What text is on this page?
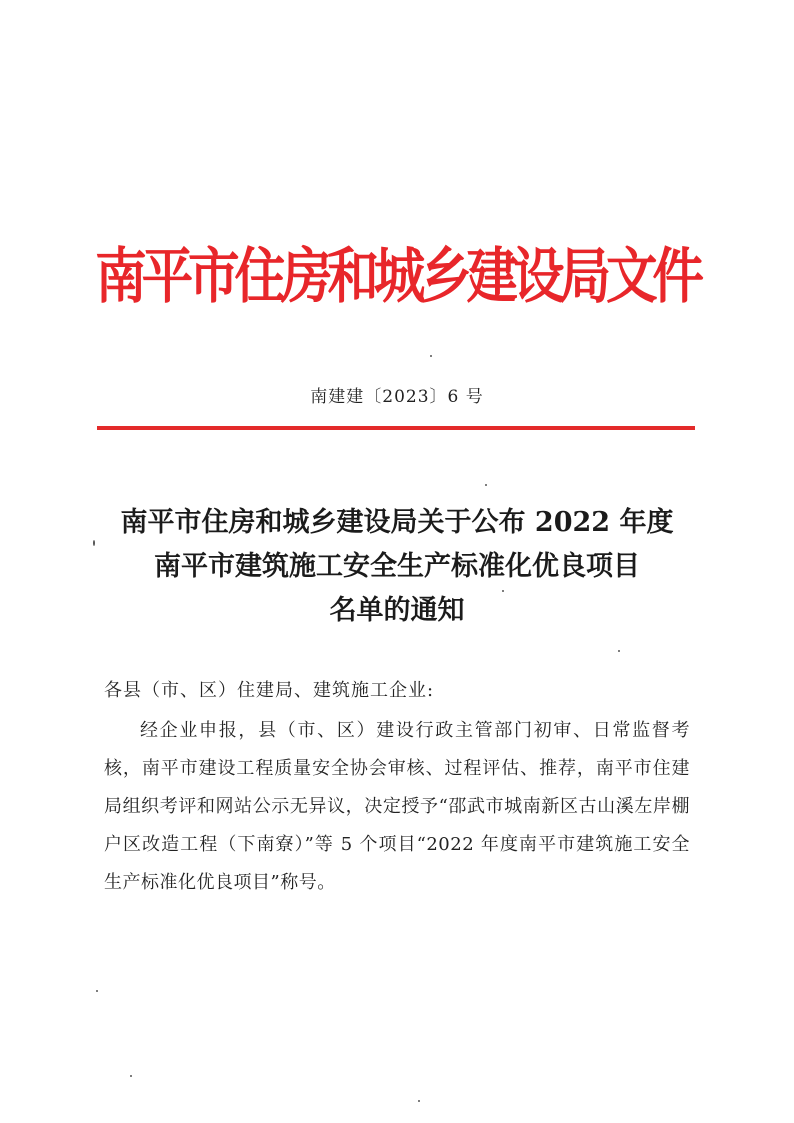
南平市住房和城乡建设局文件
南建建〔2023〕6 号
南平市住房和城乡建设局关于公布 2022 年度
南平市建筑施工安全生产标准化优良项目
名单的通知
各县（市、区）住建局、建筑施工企业:
经企业申报，县（市、区）建设行政主管部门初审、日常监督考核，南平市建设工程质量安全协会审核、过程评估、推荐，南平市住建局组织考评和网站公示无异议，决定授予“邵武市城南新区古山溪左岸棚户区改造工程（下南寮）”等 5 个项目“2022 年度南平市建筑施工安全生产标准化优良项目”称号。
